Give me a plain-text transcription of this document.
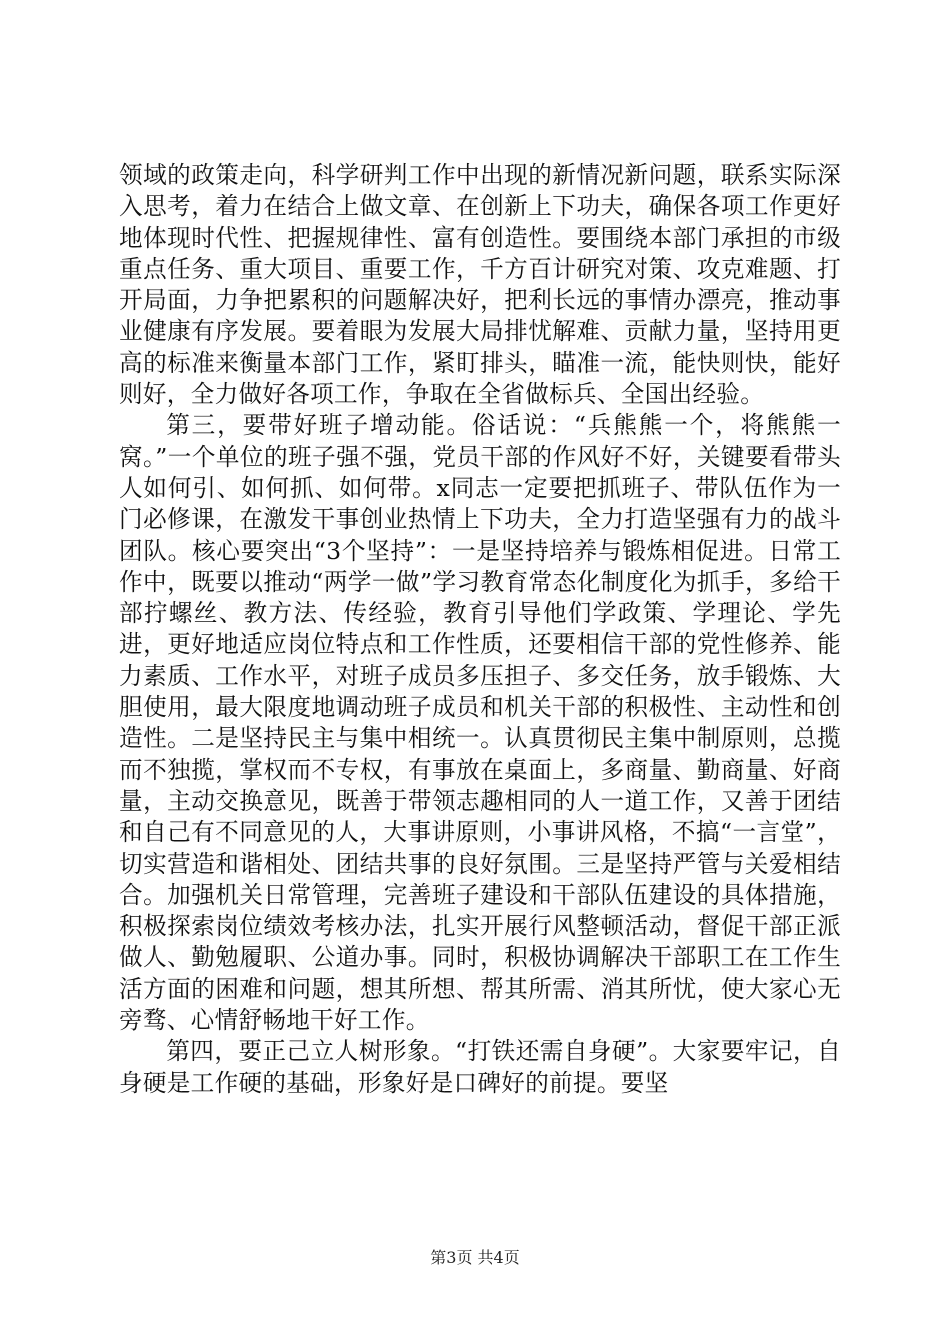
领域的政策走向，科学研判工作中出现的新情况新问题，联系实际深入思考，着力在结合上做文章、在创新上下功夫，确保各项工作更好地体现时代性、把握规律性、富有创造性。要围绕本部门承担的市级重点任务、重大项目、重要工作，千方百计研究对策、攻克难题、打开局面，力争把累积的问题解决好，把利长远的事情办漂亮，推动事业健康有序发展。要着眼为发展大局排忧解难、贡献力量，坚持用更高的标准来衡量本部门工作，紧盯排头，瞄准一流，能快则快，能好则好，全力做好各项工作，争取在全省做标兵、全国出经验。

第三，要带好班子增动能。俗话说：“兵熊熊一个，将熊熊一窝。”一个单位的班子强不强，党员干部的作风好不好，关键要看带头人如何引、如何抓、如何带。x同志一定要把抓班子、带队伍作为一门必修课，在激发干事创业热情上下功夫，全力打造坚强有力的战斗团队。核心要突出“3个坚持”：一是坚持培养与锻炼相促进。日常工作中，既要以推动“两学一做”学习教育常态化制度化为抓手，多给干部拧螺丝、教方法、传经验，教育引导他们学政策、学理论、学先进，更好地适应岗位特点和工作性质，还要相信干部的党性修养、能力素质、工作水平，对班子成员多压担子、多交任务，放手锻炼、大胆使用，最大限度地调动班子成员和机关干部的积极性、主动性和创造性。二是坚持民主与集中相统一。认真贯彻民主集中制原则，总揽而不独揽，掌权而不专权，有事放在桌面上，多商量、勤商量、好商量，主动交换意见，既善于带领志趣相同的人一道工作，又善于团结和自己有不同意见的人，大事讲原则，小事讲风格，不搞“一言堂”，切实营造和谐相处、团结共事的良好氛围。三是坚持严管与关爱相结合。加强机关日常管理，完善班子建设和干部队伍建设的具体措施，积极探索岗位绩效考核办法，扎实开展行风整顿活动，督促干部正派做人、勤勉履职、公道办事。同时，积极协调解决干部职工在工作生活方面的困难和问题，想其所想、帮其所需、消其所忧，使大家心无旁骛、心情舒畅地干好工作。

第四，要正己立人树形象。“打铁还需自身硬”。大家要牢记，自身硬是工作硬的基础，形象好是口碑好的前提。要坚

第3页 共4页
